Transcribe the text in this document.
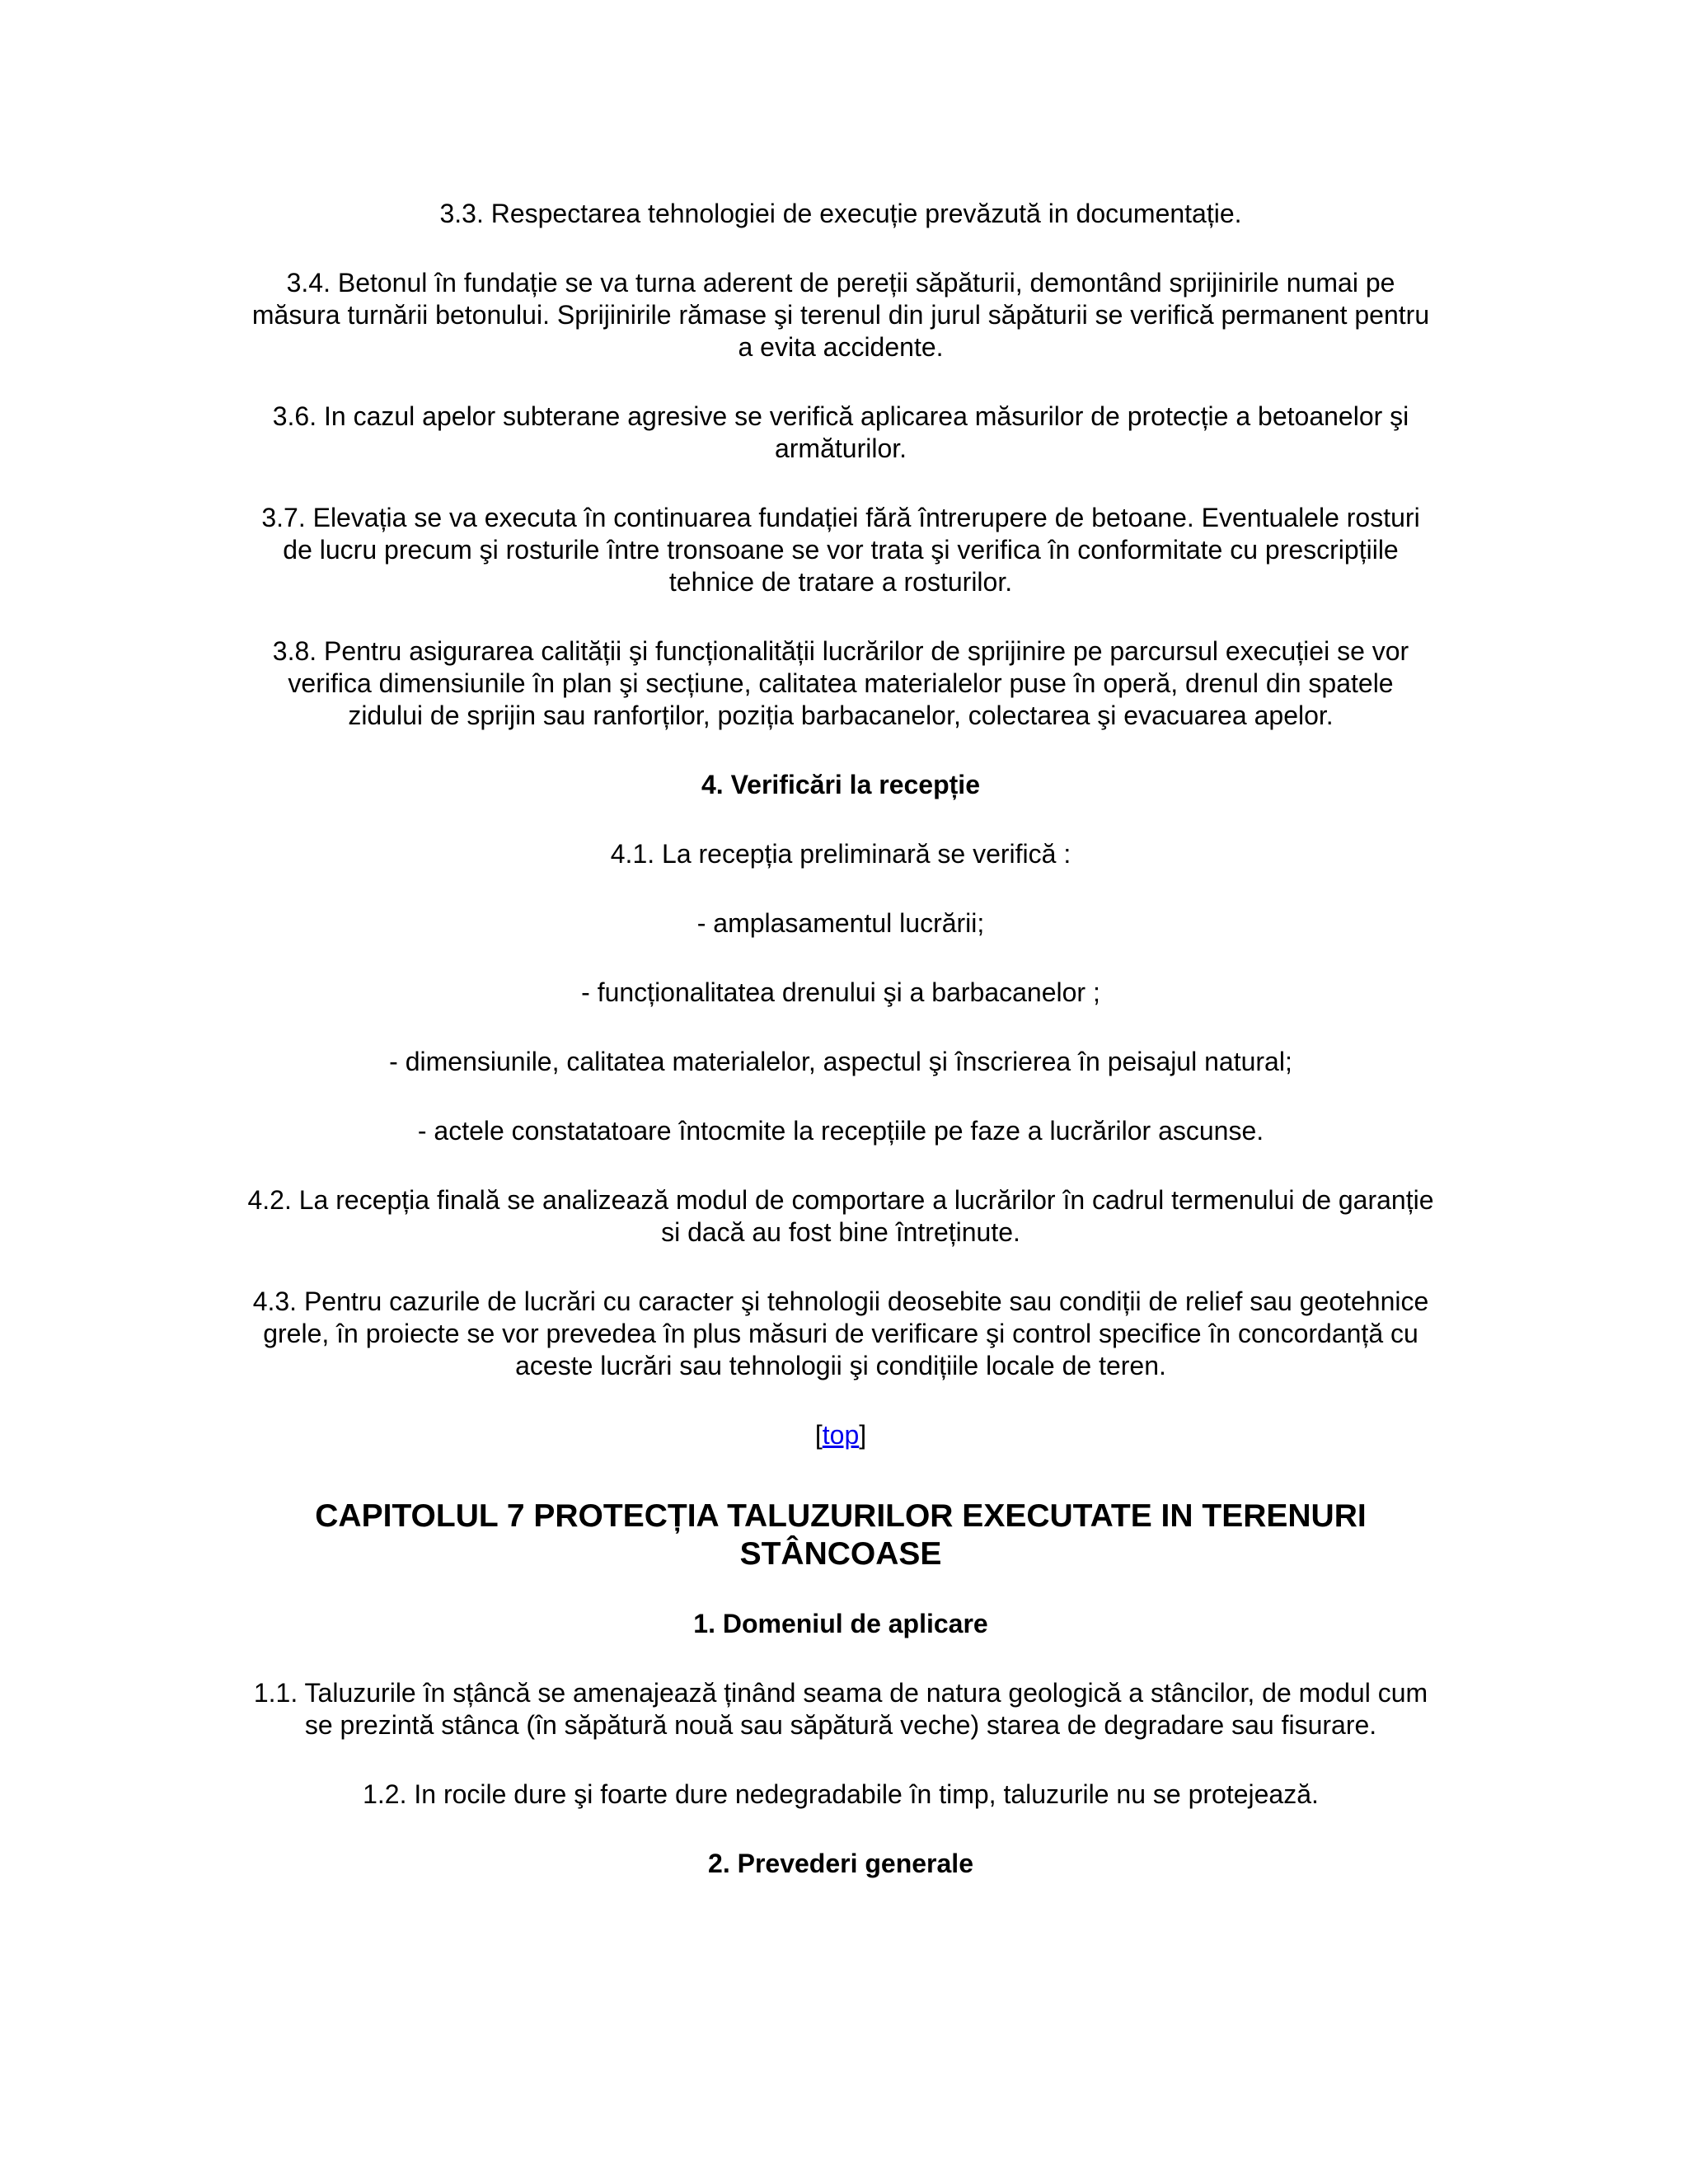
3.3. Respectarea tehnologiei de execuție prevăzută in documentație.

3.4. Betonul în fundație se va turna aderent de pereții săpăturii, demontând sprijinirile numai pe măsura turnării betonului. Sprijinirile rămase şi terenul din jurul săpăturii se verifică permanent pentru a evita accidente.

3.6. In cazul apelor subterane agresive se verifică aplicarea măsurilor de protecție a betoanelor şi armăturilor.

3.7. Elevația se va executa în continuarea fundației fără întrerupere de betoane. Eventualele rosturi de lucru precum şi rosturile între tronsoane se vor trata şi verifica în conformitate cu prescripțiile tehnice de tratare a rosturilor.

3.8. Pentru asigurarea calității şi funcționalității lucrărilor de sprijinire pe parcursul execuției se vor verifica dimensiunile în plan şi secțiune, calitatea materialelor puse în operă, drenul din spatele zidului de sprijin sau ranforților, poziția barbacanelor, colectarea şi evacuarea apelor.

4. Verificări la recepție

4.1. La recepția preliminară se verifică :

- amplasamentul lucrării;

- funcționalitatea drenului şi a barbacanelor ;

- dimensiunile, calitatea materialelor, aspectul şi înscrierea în peisajul natural;

- actele constatatoare întocmite la recepțiile pe faze a lucrărilor ascunse.

4.2. La recepția finală se analizează modul de comportare a lucrărilor în cadrul termenului de garanție si dacă au fost bine întreținute.

4.3. Pentru cazurile de lucrări cu caracter şi tehnologii deosebite sau condiții de relief sau geotehnice grele, în proiecte se vor prevedea în plus măsuri de verificare şi control specifice în concordanță cu aceste lucrări sau tehnologii şi condițiile locale de teren.

[top]

CAPITOLUL 7 PROTECȚIA TALUZURILOR EXECUTATE IN TERENURI STÂNCOASE

1. Domeniul de aplicare

1.1. Taluzurile în sțâncă se amenajează ținând seama de natura geologică a stâncilor, de modul cum se prezintă stânca (în săpătură nouă sau săpătură veche) starea de degradare sau fisurare.

1.2. In rocile dure şi foarte dure nedegradabile în timp, taluzurile nu se protejează.

2. Prevederi generale
